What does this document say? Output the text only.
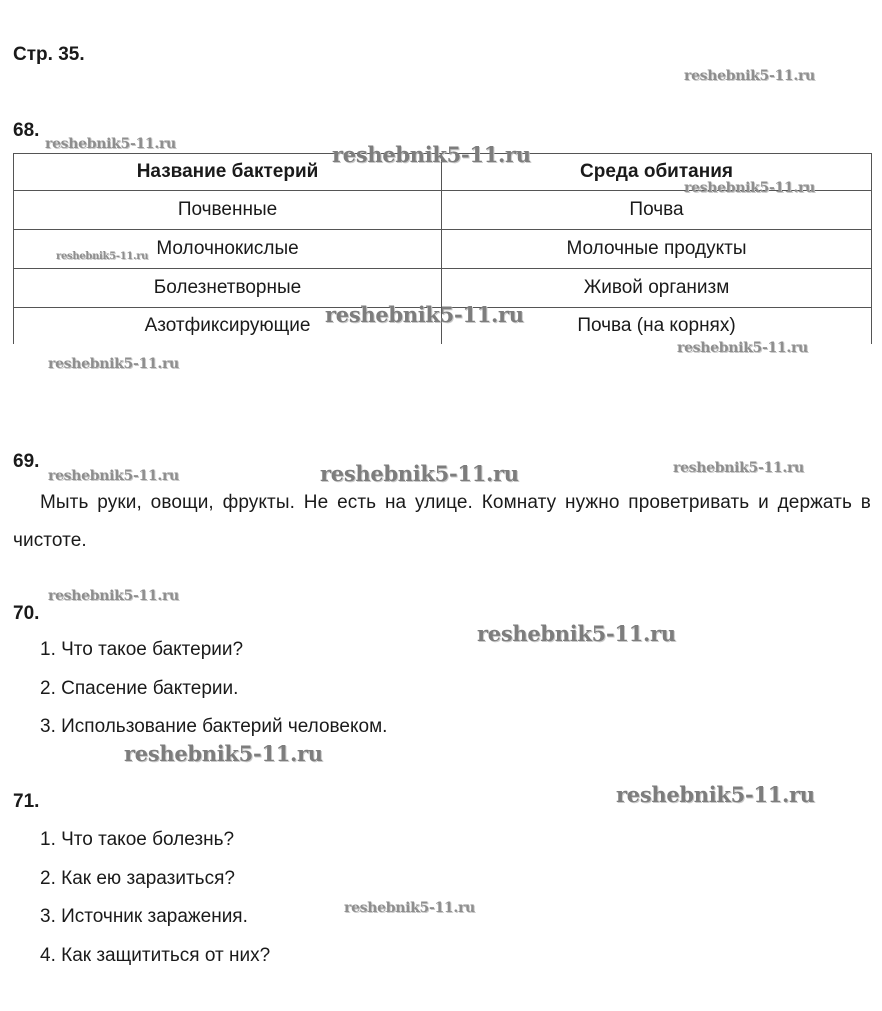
Стр. 35.
68.
Название бактерий	Среда обитания
Почвенные	Почва
Молочнокислые	Молочные продукты
Болезнетворные	Живой организм
Азотфиксирующие	Почва (на корнях)
69.
Мыть руки, овощи, фрукты. Не есть на улице. Комнату нужно проветривать и держать в чистоте.
70.
1. Что такое бактерии?
2. Спасение бактерии.
3. Использование бактерий человеком.
71.
1. Что такое болезнь?
2. Как ею заразиться?
3. Источник заражения.
4. Как защититься от них?
reshebnik5-11.ru
reshebnik5-11.ru	reshebnik5-11.ru
reshebnik5-11.ru
reshebnik5-11.ru
reshebnik5-11.ru
reshebnik5-11.ru
reshebnik5-11.ru
reshebnik5-11.ru	reshebnik5-11.ru	reshebnik5-11.ru
reshebnik5-11.ru
reshebnik5-11.ru
reshebnik5-11.ru
reshebnik5-11.ru
reshebnik5-11.ru
